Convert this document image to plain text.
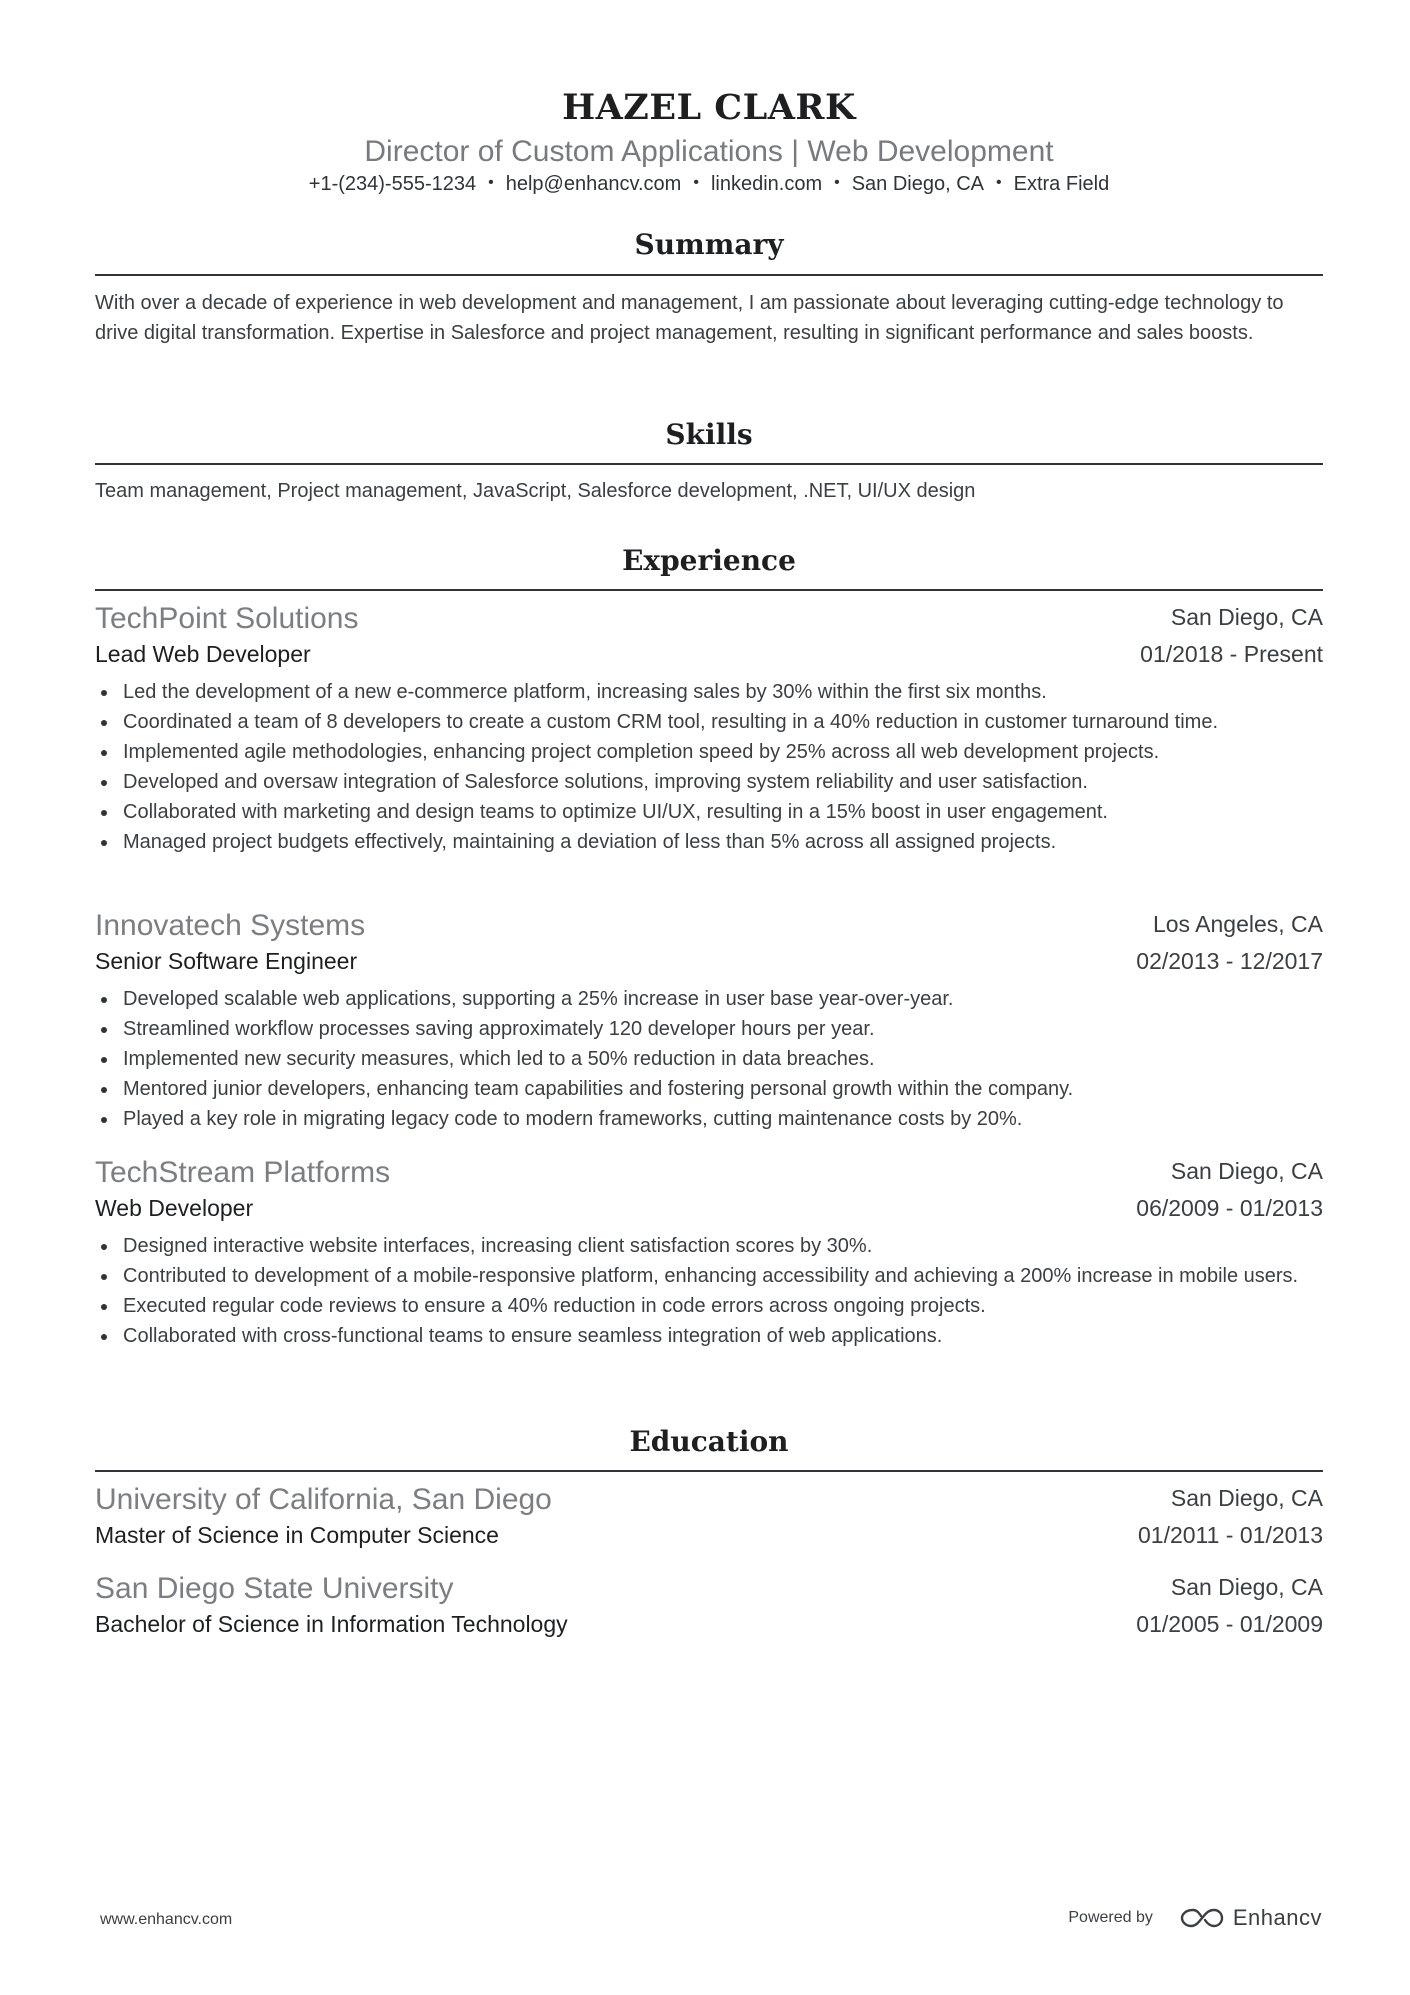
HAZEL CLARK
Director of Custom Applications | Web Development
+1-(234)-555-1234 • help@enhancv.com • linkedin.com • San Diego, CA • Extra Field
Summary
With over a decade of experience in web development and management, I am passionate about leveraging cutting-edge technology to drive digital transformation. Expertise in Salesforce and project management, resulting in significant performance and sales boosts.
Skills
Team management, Project management, JavaScript, Salesforce development, .NET, UI/UX design
Experience
TechPoint Solutions	San Diego, CA
Lead Web Developer	01/2018 - Present
Led the development of a new e-commerce platform, increasing sales by 30% within the first six months.
Coordinated a team of 8 developers to create a custom CRM tool, resulting in a 40% reduction in customer turnaround time.
Implemented agile methodologies, enhancing project completion speed by 25% across all web development projects.
Developed and oversaw integration of Salesforce solutions, improving system reliability and user satisfaction.
Collaborated with marketing and design teams to optimize UI/UX, resulting in a 15% boost in user engagement.
Managed project budgets effectively, maintaining a deviation of less than 5% across all assigned projects.
Innovatech Systems	Los Angeles, CA
Senior Software Engineer	02/2013 - 12/2017
Developed scalable web applications, supporting a 25% increase in user base year-over-year.
Streamlined workflow processes saving approximately 120 developer hours per year.
Implemented new security measures, which led to a 50% reduction in data breaches.
Mentored junior developers, enhancing team capabilities and fostering personal growth within the company.
Played a key role in migrating legacy code to modern frameworks, cutting maintenance costs by 20%.
TechStream Platforms	San Diego, CA
Web Developer	06/2009 - 01/2013
Designed interactive website interfaces, increasing client satisfaction scores by 30%.
Contributed to development of a mobile-responsive platform, enhancing accessibility and achieving a 200% increase in mobile users.
Executed regular code reviews to ensure a 40% reduction in code errors across ongoing projects.
Collaborated with cross-functional teams to ensure seamless integration of web applications.
Education
University of California, San Diego	San Diego, CA
Master of Science in Computer Science	01/2011 - 01/2013
San Diego State University	San Diego, CA
Bachelor of Science in Information Technology	01/2005 - 01/2009
www.enhancv.com	Powered by	Enhancv
